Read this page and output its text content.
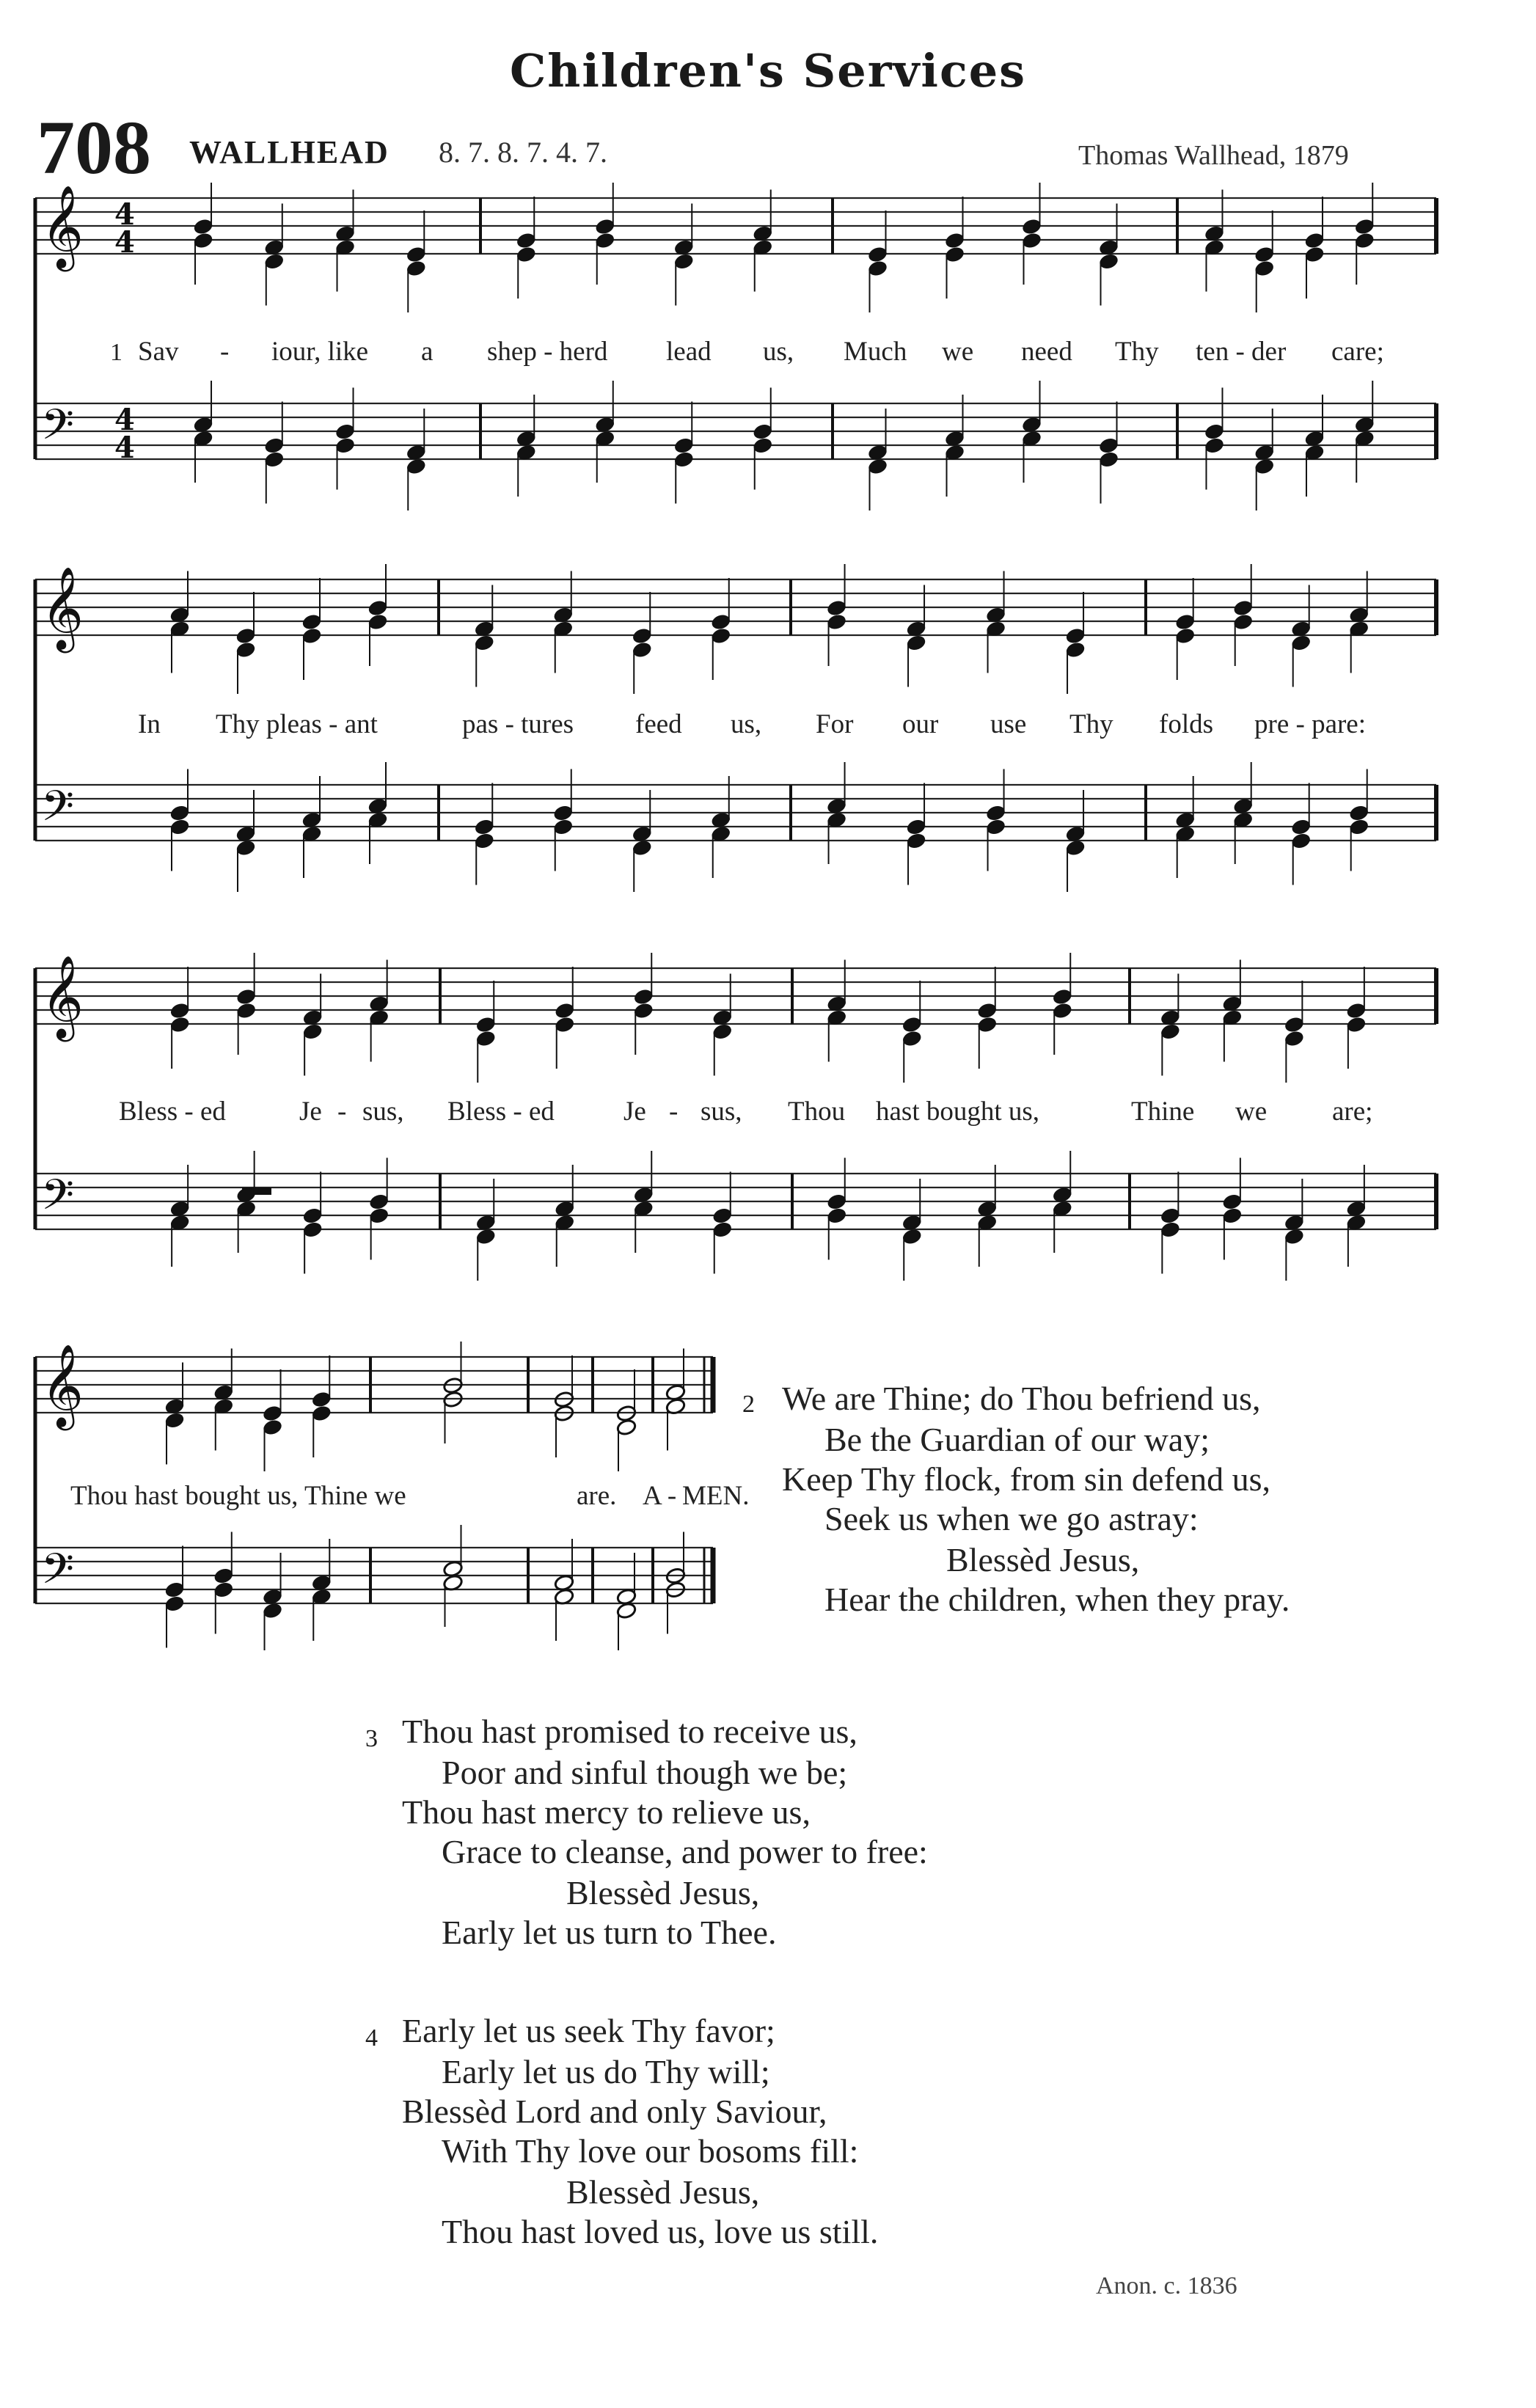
Children's Services
708 WALLHEAD 8. 7. 8. 7. 4. 7.	Thomas Wallhead, 1879
𝄞 4
4
𝄢 4
4
𝄞
𝄢
𝄞
𝄢
𝄞
𝄢
1 Sav - iour, like a shep - herd lead us, Much we need Thy ten - der care;
In Thy pleas - ant	pas - tures feed us, For our use Thy folds pre - pare:
Bless - ed	Je - sus, Bless - ed	Je - sus, Thou hast bought us,	Thine we are;
Thou hast bought us, Thine we	are. A - MEN.
2 We are Thine; do Thou befriend us,
Be the Guardian of our way;
Keep Thy flock, from sin defend us,
Seek us when we go astray:
Blessèd Jesus,
Hear the children, when they pray.
3 Thou hast promised to receive us,
Poor and sinful though we be;
Thou hast mercy to relieve us,
Grace to cleanse, and power to free:
Blessèd Jesus,
Early let us turn to Thee.
4 Early let us seek Thy favor;
Early let us do Thy will;
Blessèd Lord and only Saviour,
With Thy love our bosoms fill:
Blessèd Jesus,
Thou hast loved us, love us still.
Anon. c. 1836
